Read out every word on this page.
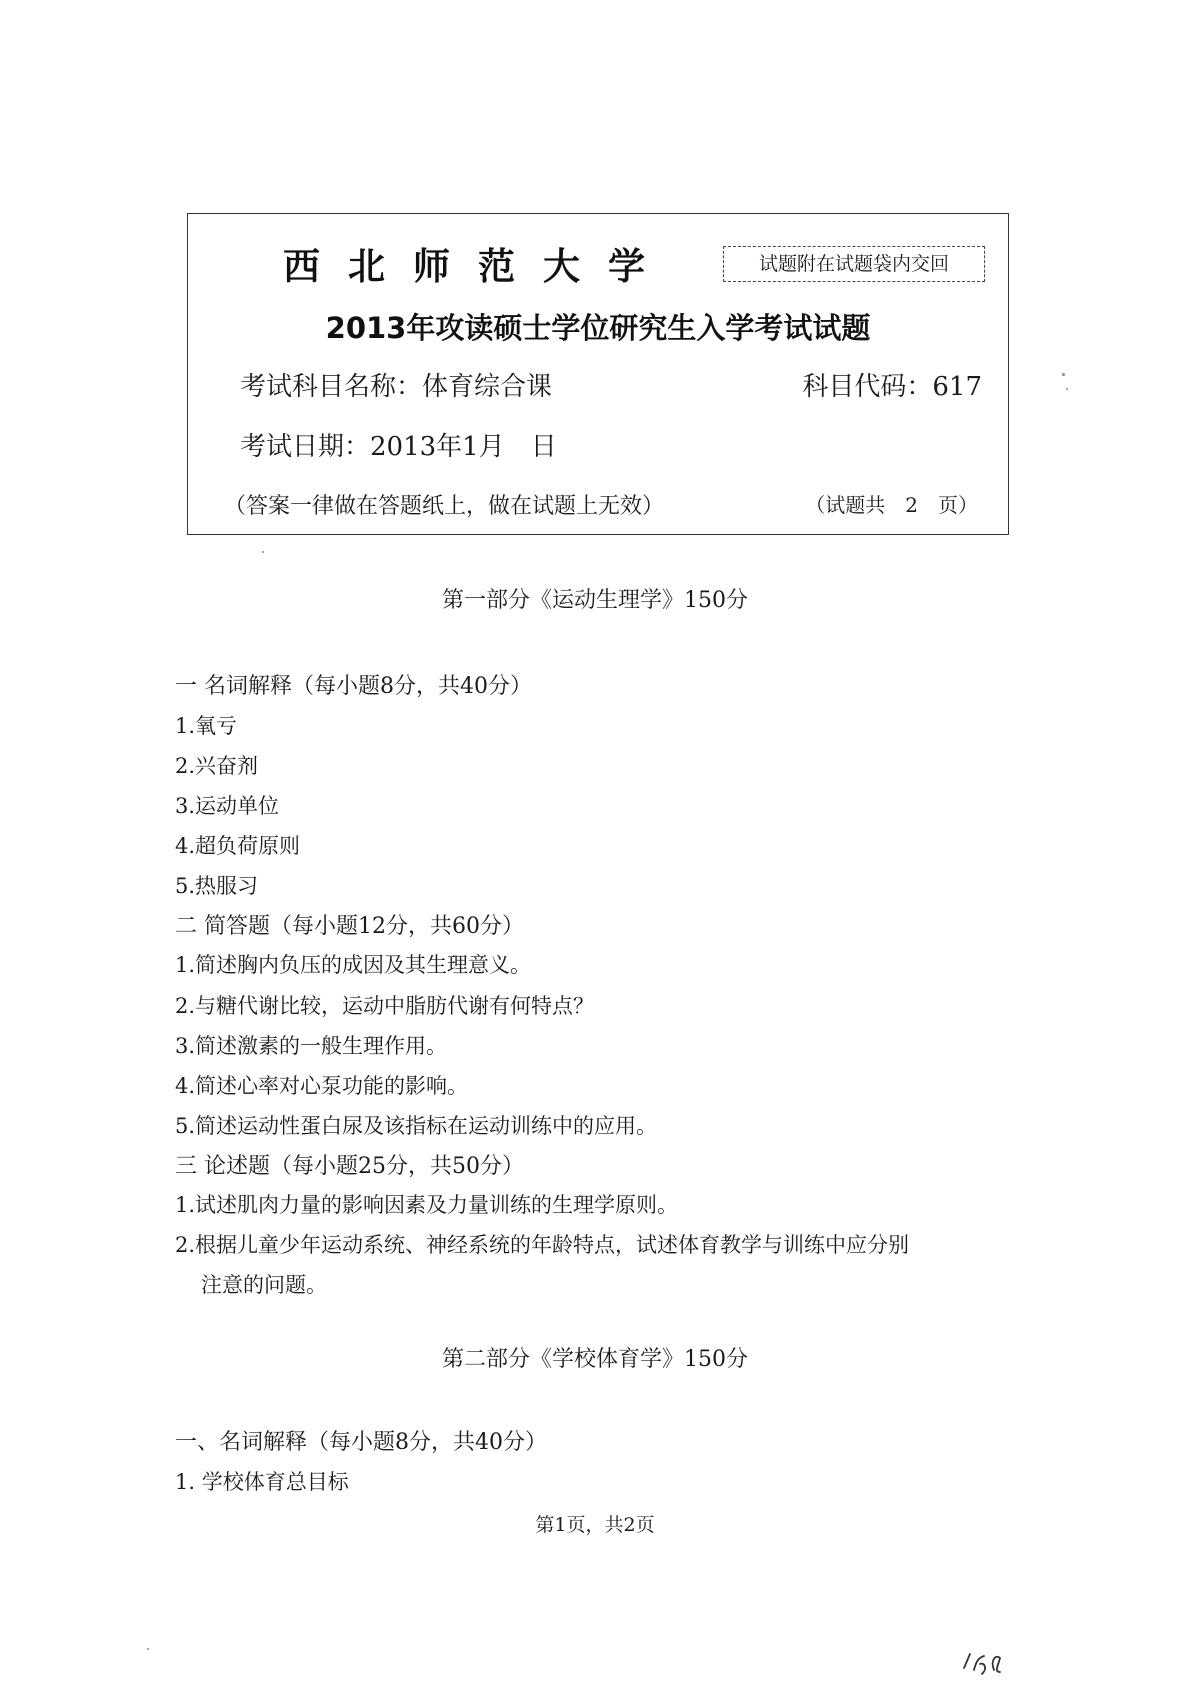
西北师范大学	试题附在试题袋内交回
2013年攻读硕士学位研究生入学考试试题
考试科目名称：体育综合课	科目代码：617
考试日期：2013年1月　日
（答案一律做在答题纸上，做在试题上无效）	（试题共　2　页）
第一部分《运动生理学》150分
一 名词解释（每小题8分，共40分）
1.氧亏
2.兴奋剂
3.运动单位
4.超负荷原则
5.热服习
二 简答题（每小题12分，共60分）
1.简述胸内负压的成因及其生理意义。
2.与糖代谢比较，运动中脂肪代谢有何特点？
3.简述激素的一般生理作用。
4.简述心率对心泵功能的影响。
5.简述运动性蛋白尿及该指标在运动训练中的应用。
三 论述题（每小题25分，共50分）
1.试述肌肉力量的影响因素及力量训练的生理学原则。
2.根据儿童少年运动系统、神经系统的年龄特点，试述体育教学与训练中应分别
注意的问题。
第二部分《学校体育学》150分
一、名词解释（每小题8分，共40分）
1. 学校体育总目标
第1页，共2页
